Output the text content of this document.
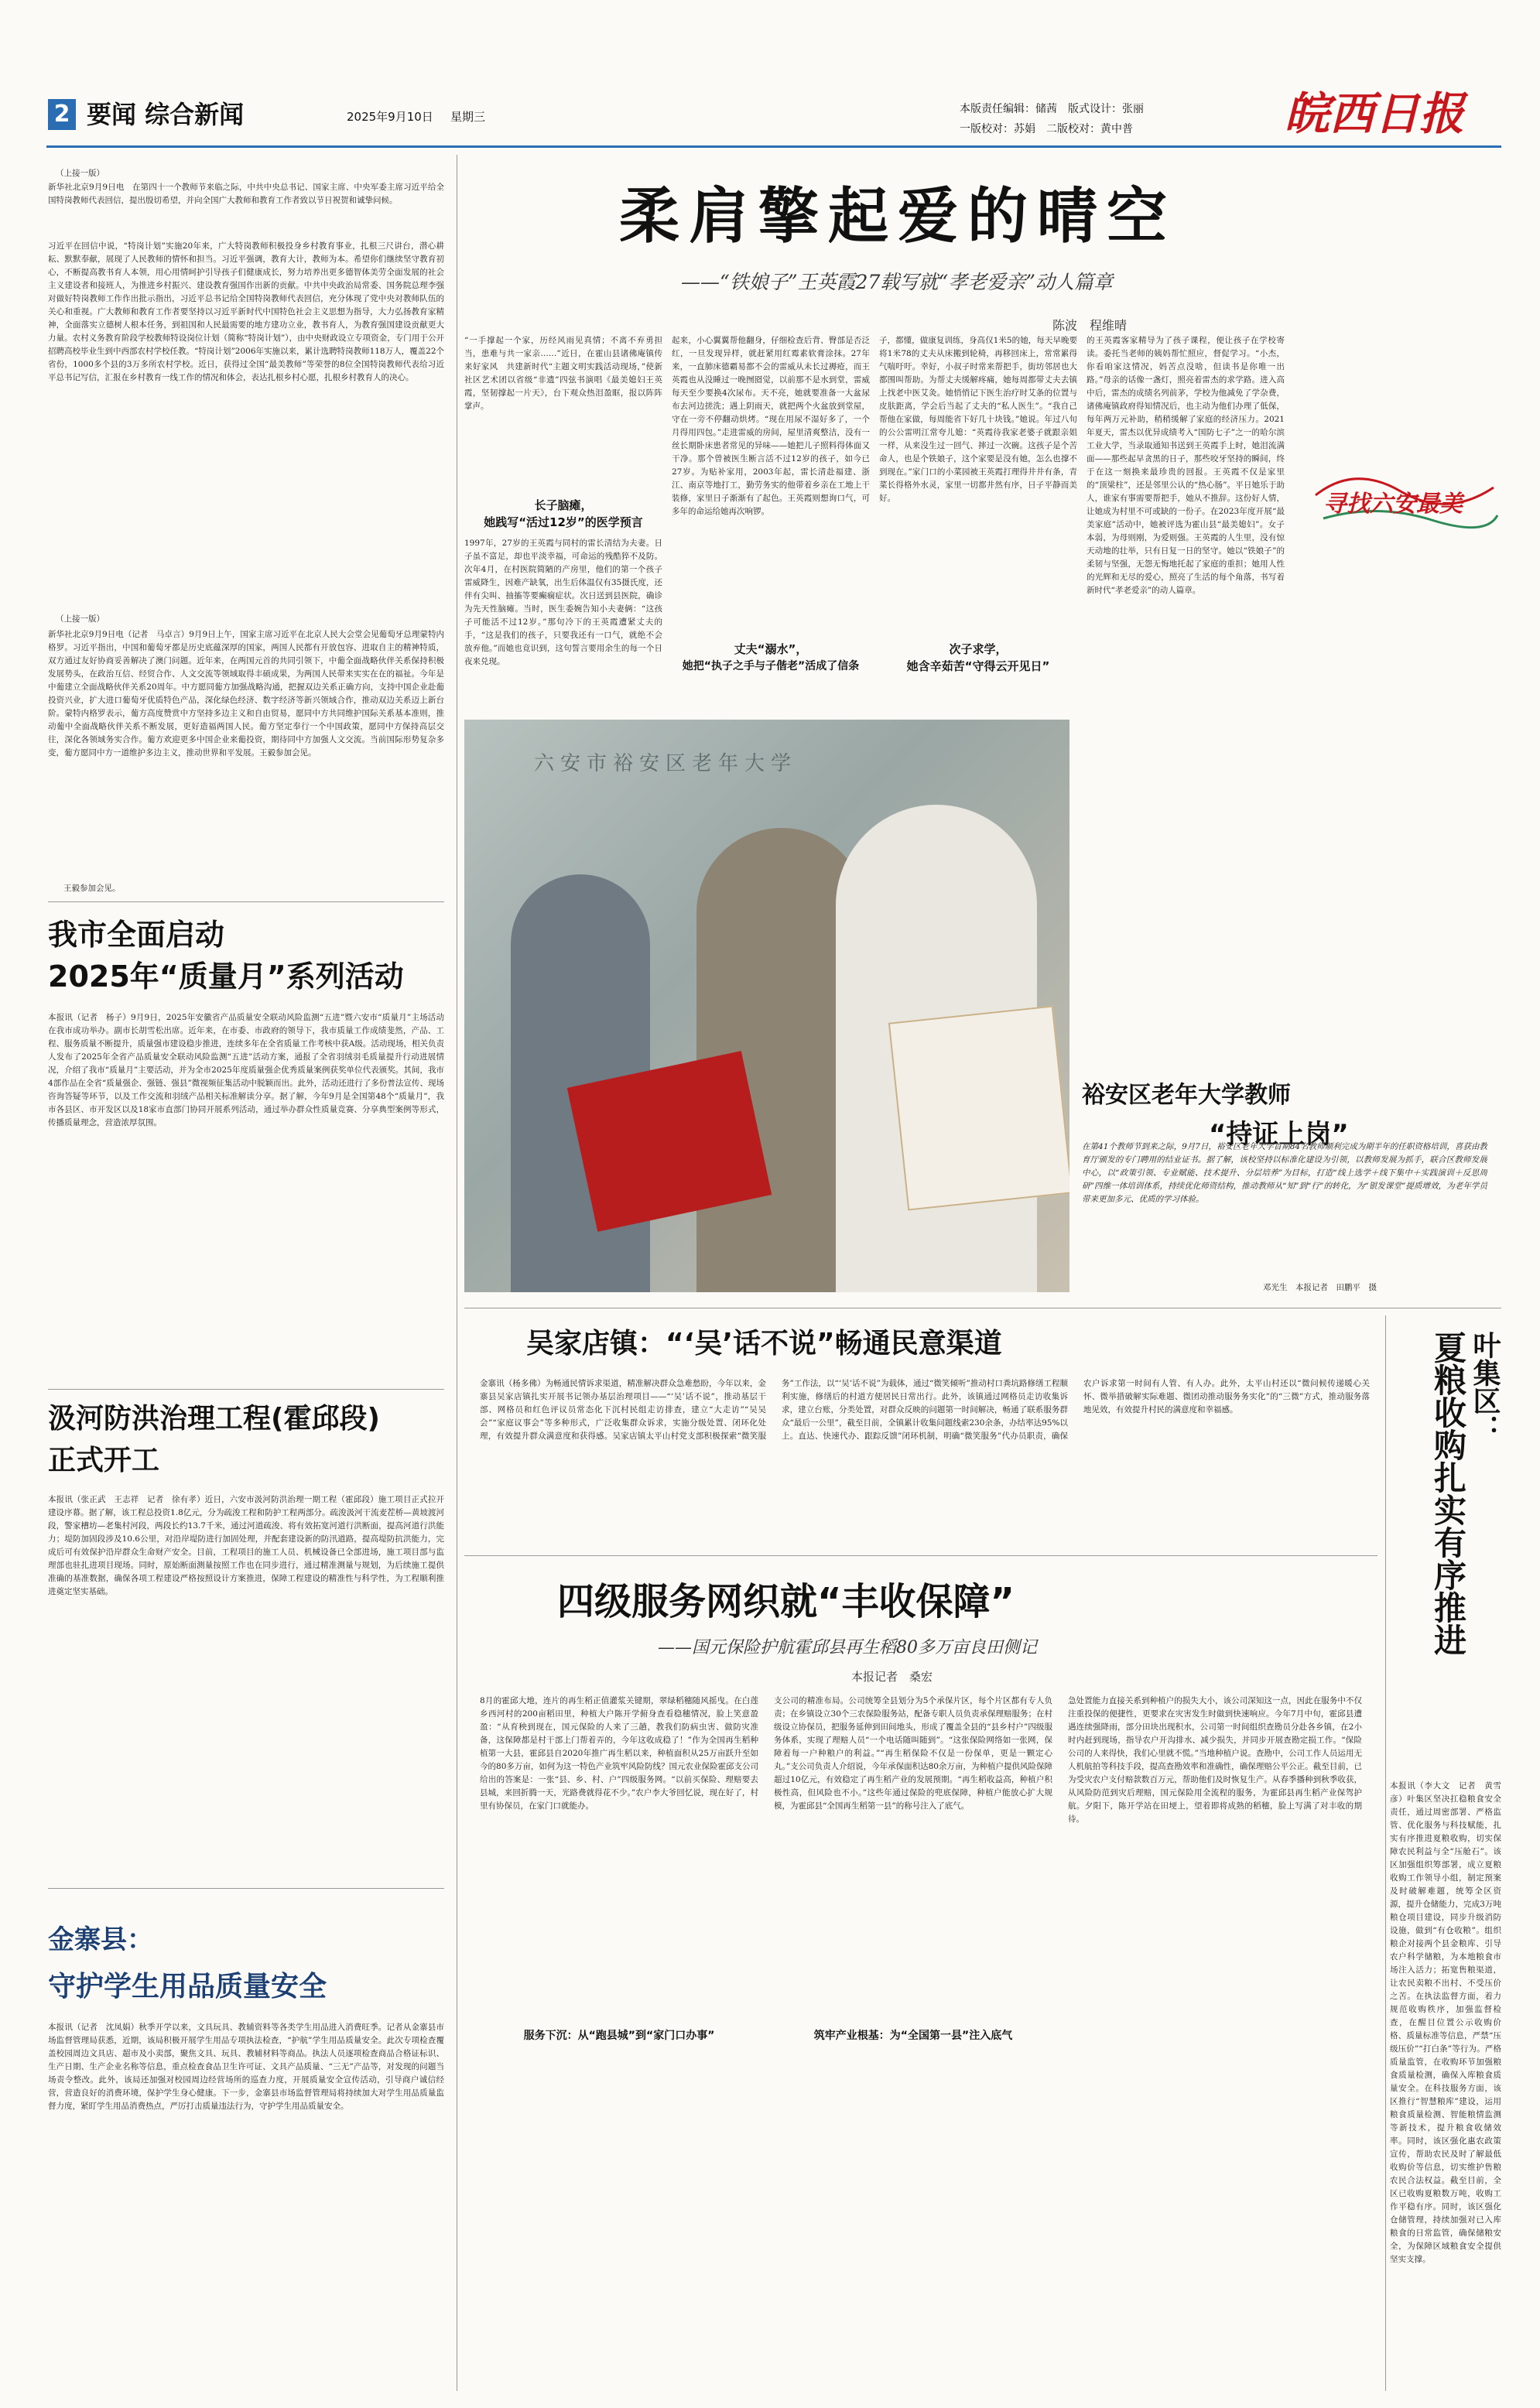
2 要闻 综合新闻	2025年9月10日 星期三
本版责任编辑：储茜　版式设计：张丽
一版校对：苏娟　二版校对：黄中普	皖西日报
（上接一版）
新华社北京9月9日电　在第四十一个教师节来临之际，中共中央总书记、国家主席、中央军委主席习近平给全国特岗教师代表回信，提出殷切希望，并向全国广大教师和教育工作者致以节日祝贺和诚挚问候。
习近平在回信中说，“特岗计划”实施20年来，广大特岗教师积极投身乡村教育事业，扎根三尺讲台，潜心耕耘、默默奉献，展现了人民教师的情怀和担当。习近平强调，教育大计，教师为本。希望你们继续坚守教育初心，不断提高教书育人本领，用心用情呵护引导孩子们健康成长，努力培养出更多德智体美劳全面发展的社会主义建设者和接班人，为推进乡村振兴、建设教育强国作出新的贡献。中共中央政治局常委、国务院总理李强对做好特岗教师工作作出批示指出，习近平总书记给全国特岗教师代表回信，充分体现了党中央对教师队伍的关心和重视。广大教师和教育工作者要坚持以习近平新时代中国特色社会主义思想为指导，大力弘扬教育家精神，全面落实立德树人根本任务，到祖国和人民最需要的地方建功立业，教书育人，为教育强国建设贡献更大力量。农村义务教育阶段学校教师特设岗位计划（简称“特岗计划”），由中央财政设立专项资金，专门用于公开招聘高校毕业生到中西部农村学校任教。“特岗计划”2006年实施以来，累计选聘特岗教师118万人，覆盖22个省份，1000多个县的3万多所农村学校。近日，获得过全国“最美教师”等荣誉的8位全国特岗教师代表给习近平总书记写信，汇报在乡村教育一线工作的情况和体会，表达扎根乡村心愿，扎根乡村教育人的决心。
（上接一版）
新华社北京9月9日电（记者　马卓言）9月9日上午，国家主席习近平在北京人民大会堂会见葡萄牙总理蒙特内格罗。习近平指出，中国和葡萄牙都是历史底蕴深厚的国家，两国人民都有开放包容、进取自主的精神特质，双方通过友好协商妥善解决了澳门问题。近年来，在两国元首的共同引领下，中葡全面战略伙伴关系保持积极发展势头，在政治互信、经贸合作、人文交流等领域取得丰硕成果，为两国人民带来实实在在的福祉。今年是中葡建立全面战略伙伴关系20周年。中方愿同葡方加强战略沟通，把握双边关系正确方向，支持中国企业赴葡投资兴业，扩大进口葡萄牙优质特色产品，深化绿色经济、数字经济等新兴领域合作，推动双边关系迈上新台阶。蒙特内格罗表示，葡方高度赞赏中方坚持多边主义和自由贸易，愿同中方共同维护国际关系基本准则，推动葡中全面战略伙伴关系不断发展，更好造福两国人民。葡方坚定奉行一个中国政策，愿同中方保持高层交往，深化各领域务实合作。葡方欢迎更多中国企业来葡投资，期待同中方加强人文交流。当前国际形势复杂多变，葡方愿同中方一道维护多边主义，推动世界和平发展。王毅参加会见。
王毅参加会见。
我市全面启动
2025年“质量月”系列活动
本报讯（记者　杨子）9月9日，2025年安徽省产品质量安全联动风险监测“五进”暨六安市“质量月”主场活动在我市成功举办。副市长胡雪松出席。近年来，在市委、市政府的领导下，我市质量工作成绩斐然，产品、工程、服务质量不断提升，质量强市建设稳步推进，连续多年在全省质量工作考核中获A级。活动现场，相关负责人发布了2025年全省产品质量安全联动风险监测“五进”活动方案，通报了全省羽绒羽毛质量提升行动进展情况，介绍了我市“质量月”主要活动，并为全市2025年度质量强企优秀质量案例获奖单位代表颁奖。其间，我市4部作品在全省“质量强企、强链、强县”微视频征集活动中脱颖而出。此外，活动还进行了多份普法宣传、现场咨询答疑等环节，以及工作交流和羽绒产品相关标准解读分享。据了解，今年9月是全国第48个“质量月”，我市各县区、市开发区以及18家市直部门协同开展系列活动，通过举办群众性质量竞赛、分享典型案例等形式，传播质量理念，营造浓厚氛围。
汲河防洪治理工程(霍邱段)
正式开工
本报讯（张正武　王志祥　记者　徐有孝）近日，六安市汲河防洪治理一期工程（霍邱段）施工项目正式拉开建设序幕。据了解，该工程总投资1.8亿元，分为疏浚工程和防护工程两部分。疏浚汲河干流麦茬桥—黄坡渡河段，警家槽坊—老集村河段，两段长约13.7千米，通过河道疏浚、将有效拓宽河道行洪断面，提高河道行洪能力；堤防加固段涉及10.6公里，对沿岸堤防进行加固处理，并配套建设新的防汛道路，提高堤防抗洪能力，完成后可有效保护沿岸群众生命财产安全。目前，工程项目的施工人员、机械设备已全部进场，施工项目部与监理部也驻扎进项目现场。同时，原始断面测量按照工作也在同步进行，通过精准测量与规划，为后续施工提供准确的基准数据，确保各项工程建设严格按照设计方案推进，保障工程建设的精准性与科学性，为工程顺利推进奠定坚实基础。
金寨县：
守护学生用品质量安全
本报讯（记者　沈凤娟）秋季开学以来，文具玩具、教辅资料等各类学生用品进入消费旺季。记者从金寨县市场监督管理局获悉，近期，该局积极开展学生用品专项执法检查，“护航”学生用品质量安全。此次专项检查覆盖校园周边文具店、超市及小卖部，聚焦文具、玩具、教辅材料等商品。执法人员逐项检查商品合格证标识、生产日期、生产企业名称等信息，重点检查食品卫生许可证、文具产品质量、“三无”产品等，对发现的问题当场责令整改。此外，该局还加强对校园周边经营场所的巡查力度，开展质量安全宣传活动，引导商户诚信经营，营造良好的消费环境，保护学生身心健康。下一步，金寨县市场监督管理局将持续加大对学生用品质量监督力度，紧盯学生用品消费热点，严厉打击质量违法行为，守护学生用品质量安全。
柔肩擎起爱的晴空
——“铁娘子”王英霞27载写就“孝老爱亲”动人篇章
陈波　程维晴
“一手撑起一个家，历经风雨见真情；不离不弃勇担当，患难与共一家亲……”近日，在霍山县诸佛庵镇传来好家风　共建新时代“主题文明实践活动现场，”使新社区艺术团以省级“非遗”四弦书演唱《最美媳妇王英霞，坚韧撑起一片天》，台下观众热泪盈眶，报以阵阵掌声。
长子脑瘫，
她践写“活过12岁”的医学预言
1997年，27岁的王英霞与同村的雷长清结为夫妻。日子虽不富足，却也平淡幸福，可命运的残酷猝不及防。次年4月，在村医院简陋的产房里，他们的第一个孩子雷威降生，因难产缺氧，出生后体温仅有35摄氏度，还伴有尖叫、抽搐等要癫痫症状。次日送到县医院，确诊为先天性脑瘫。当时，医生委婉告知小夫妻俩：“这孩子可能活不过12岁。”那句冷下的王英霞遭紧丈夫的手，“这是我们的孩子，只要我还有一口气，就绝不会放弃他。”而她也竟识到，这句誓言要用余生的每一个日夜来兑现。
起来，小心翼翼帮他翻身，仔细检查后背、臀部是否泛红，一旦发现异样，就赶紧用红霉素软膏涂抹。27年来，一直肺床德霸易都不会的雷威从未长过褥疮，而王英霞也从没睡过一晚囫囵觉，以前那不是水到堂，雷威每天至少要换4次尿布。天不亮，她就要准备一大盆尿布去河边搓洗；遇上阴雨天，就把两个火盆放到堂屋，守在一旁不停翻动烘烤。“现在用尿不湿好多了，一个月得用四包。”走进雷威的房间，屋里清爽整洁，没有一丝长期卧床患者常见的异味——她把儿子照料得体面又干净。那个曾被医生断言活不过12岁的孩子，如今已27岁。为贴补家用，2003年起，雷长清赴福建、浙江、南京等地打工，勤劳务实的他带着乡亲在工地上干装修，家里日子渐渐有了起色。王英霞则想询口气，可多年的命运给她再次响锣。
丈夫“溺水”，
她把“执子之手与子偕老”活成了信条
子，都懂，做康复训练，身高仅1米5的她，每天早晚要将1米78的丈夫从床搬到轮椅，再移回床上，常常累得气喘吁吁。幸好，小叔子时常来帮把手，街坊邻居也大都围叫帮助。为帮丈夫缓解疼痛，她每周都带丈夫去镇上找老中医艾灸。她悄悄记下医生治疗时艾条的位置与皮肤距离，学会后当起了丈夫的“私人医生”。“我自己帮他在家做，每周能省下好几十块钱。”她说。年过八旬的公公雷明江常夸儿媳：“英霞待我家老婆子就跟亲姐一样，从来没生过一回气、摔过一次碗。这孩子是个苦命人，也是个铁娘子，这个家要是没有她，怎么也撑不到现在。”家门口的小菜园被王英霞打理得井井有条，青菜长得格外水灵，家里一切都井然有序，日子平静而美好。
次子求学，
她含辛茹苦“守得云开见日”
的王英霞客家精导为了孩子课程，便让孩子在学校寄读。委托当老师的姨妈帮忙照应，督促学习。“小杰，你看咱家这情况，妈苦点没啥，但读书是你唯一出路。”母亲的话像一盏灯，照亮着雷杰的求学路。进入高中后，雷杰的成绩名列前茅，学校为他减免了学杂费，诸佛庵镇政府得知情况后，也主动为他们办理了低保，每年两万元补助，稍稍缓解了家庭的经济压力。2021年夏天，雷杰以优异成绩考入“国防七子”之一的哈尔滨工业大学，当录取通知书送到王英霞手上时，她泪流满面——那些起早贪黑的日子，那些咬牙坚持的瞬间，终于在这一刻换来最珍贵的回报。王英霞不仅是家里的“顶梁柱”，还是邻里公认的“热心肠”。平日她乐于助人，谁家有事需要帮把手，她从不推辞。这份好人情，让她成为村里不可或缺的一份子。在2023年度开展“最美家庭”活动中，她被评选为霍山县“最美媳妇”。女子本弱，为母则刚，为爱则强。王英霞的人生里，没有惊天动地的壮举，只有日复一日的坚守。她以“铁娘子”的柔韧与坚强，无怨无悔地托起了家庭的重担；她用人性的光辉和无尽的爱心，照亮了生活的每个角落，书写着新时代“孝老爱亲”的动人篇章。
寻找六安最美
六安市裕安区老年大学
裕安区老年大学教师
“持证上岗”
在第41个教师节到来之际，9月7日，裕安区老年大学首期84名教师顺利完成为期半年的任职资格培训，喜获由教育厅颁发的专门聘用的结业证书。据了解，该校坚持以标准化建设为引领，以教师发展为抓手，联合区教师发展中心，以“政策引领、专业赋能、技术提升、分层培养”为目标，打造“线上选学＋线下集中＋实践演训＋反思周研”四维一体培训体系，持续优化师资结构，推动教师从“知”到“行”的转化，为“银发课堂”提质增效，为老年学员带来更加多元、优质的学习体验。
邓光生　本报记者　田鹏平　摄
吴家店镇：“‘吴’话不说”畅通民意渠道
金寨讯（杨多佛）为畅通民情诉求渠道，精准解决群众急难愁盼，今年以来，金寨县吴家店镇扎实开展书记领办基层治理项目——“‘吴’话不说”，推动基层干部、网格员和红色评议员常态化下沉村民组走访排查，建立“大走访”“吴吴会”“家庭议事会”等多种形式，广泛收集群众诉求，实施分级处置、闭环化处理，有效提升群众满意度和获得感。吴家店镇太平山村党支部积极探索“微笑服务”工作法，以“‘吴’话不说”为载体，通过“微笑倾听”推动村口粪坑路修缮工程顺利实施，修缮后的村道方便居民日常出行。此外，该镇通过网格员走访收集诉求，建立台账，分类处置，对群众反映的问题第一时间解决，畅通了联系服务群众“最后一公里”，截至目前，全镇累计收集问题线索230余条，办结率达95%以上。直达、快速代办、跟踪反馈”闭环机制，明确“微笑服务”代办员职责，确保农户诉求第一时间有人管、有人办。此外，太平山村还以“微问候传递暖心关怀、微举措破解实际难题、微团动推动服务务实化”的“三微”方式，推动服务落地见效，有效提升村民的满意度和幸福感。
四级服务网织就“丰收保障”
——国元保险护航霍邱县再生稻80多万亩良田侧记
本报记者　桑宏
8月的霍邱大地，连片的再生稻正值灌浆关键期，翠绿稻穗随风摇曳。在白莲乡西河村的200亩稻田里，种植大户陈开学俯身查看稳穗情况，脸上笑意盈盈：“从育秧到现在，国元保险的人来了三趟，教我们防病虫害、做防灾准备，这保障都是村干部上门帮着弄的，今年这收成稳了！”作为全国再生稻种植第一大县，霍邱县自2020年推广再生稻以来，种植面积从25万亩跃升至如今的80多万亩，如何为这一特色产业筑牢风险防线？国元农业保险霍邱支公司给出的答案是：一张“县、乡、村、户”四级服务网。“以前买保险、理赔要去县城，来回折腾一天，光路费就得花不少。”农户李大爷回忆说，现在好了，村里有协保员，在家门口就能办。
服务下沉：从“跑县城”到“家门口办事”
支公司的精准布局。公司统筹全县划分为5个承保片区，每个片区都有专人负责；在乡镇设立30个三农保险服务站，配备专职人员负责承保理赔服务；在村级设立协保员，把服务延伸到田间地头，形成了覆盖全县的“县乡村户”四级服务体系，实现了理赔人员“一个电话随叫随到”。“这张保险网络如一张网，保障着每一户种粮户的利益。”“再生稻保险不仅是一份保单，更是一颗定心丸。”支公司负责人介绍说，今年承保面积达80余万亩，为种植户提供风险保障超过10亿元，有效稳定了再生稻产业的发展预期。“再生稻收益高，种植户积极性高，但风险也不小。”这些年通过保险的兜底保障，种植户能放心扩大规模，为霍邱县“全国再生稻第一县”的称号注入了底气。
筑牢产业根基：为“全国第一县”注入底气
急处置能力直接关系到种植户的损失大小，该公司深知这一点，因此在服务中不仅注重投保的便捷性，更要求在灾害发生时做到快速响应。今年7月中旬，霍邱县遭遇连续强降雨，部分田块出现积水，公司第一时间组织查勘员分赴各乡镇，在2小时内赶到现场，指导农户开沟排水、减少损失，并同步开展查勘定损工作。“保险公司的人来得快，我们心里就不慌。”当地种植户说。查勘中，公司工作人员运用无人机航拍等科技手段，提高查勘效率和准确性，确保理赔公平公正。截至目前，已为受灾农户支付赔款数百万元，帮助他们及时恢复生产。从春季播种到秋季收获，从风险防范到灾后理赔，国元保险用全流程的服务，为霍邱县再生稻产业保驾护航。夕阳下，陈开学站在田埂上，望着即将成熟的稻穗，脸上写满了对丰收的期待。
叶集区：
夏粮收购扎实有序推进
本报讯（李大文　记者　黄雪彦）叶集区坚决扛稳粮食安全责任，通过周密部署、严格监管、优化服务与科技赋能，扎实有序推进夏粮收购，切实保障农民利益与全“压舱石”。该区加强组织筹部署，成立夏粮收购工作领导小组，制定预案及时破解难题，统筹全区资源，提升仓储能力，完成3万吨粮仓项目建设，同步升级消防设施，做到“有仓收粮”。组织粮企对接两个县金粮库、引导农户科学储粮，为本地粮食市场注入活力；拓宽售粮渠道，让农民卖粮不出村、不受压价之苦。在执法监督方面，着力规范收购秩序，加强监督检查，在醒目位置公示收购价格、质量标准等信息，严禁“压级压价”“打白条”等行为。严格质量监管，在收购环节加强粮食质量检测，确保入库粮食质量安全。在科技服务方面，该区推行“智慧粮库”建设，运用粮食质量检测、智能粮情监测等新技术，提升粮食收储效率。同时，该区强化惠农政策宣传，帮助农民及时了解最低收购价等信息，切实维护售粮农民合法权益。截至目前，全区已收购夏粮数万吨，收购工作平稳有序。同时，该区强化仓储管理，持续加强对已入库粮食的日常监管，确保储粮安全，为保障区域粮食安全提供坚实支撑。
